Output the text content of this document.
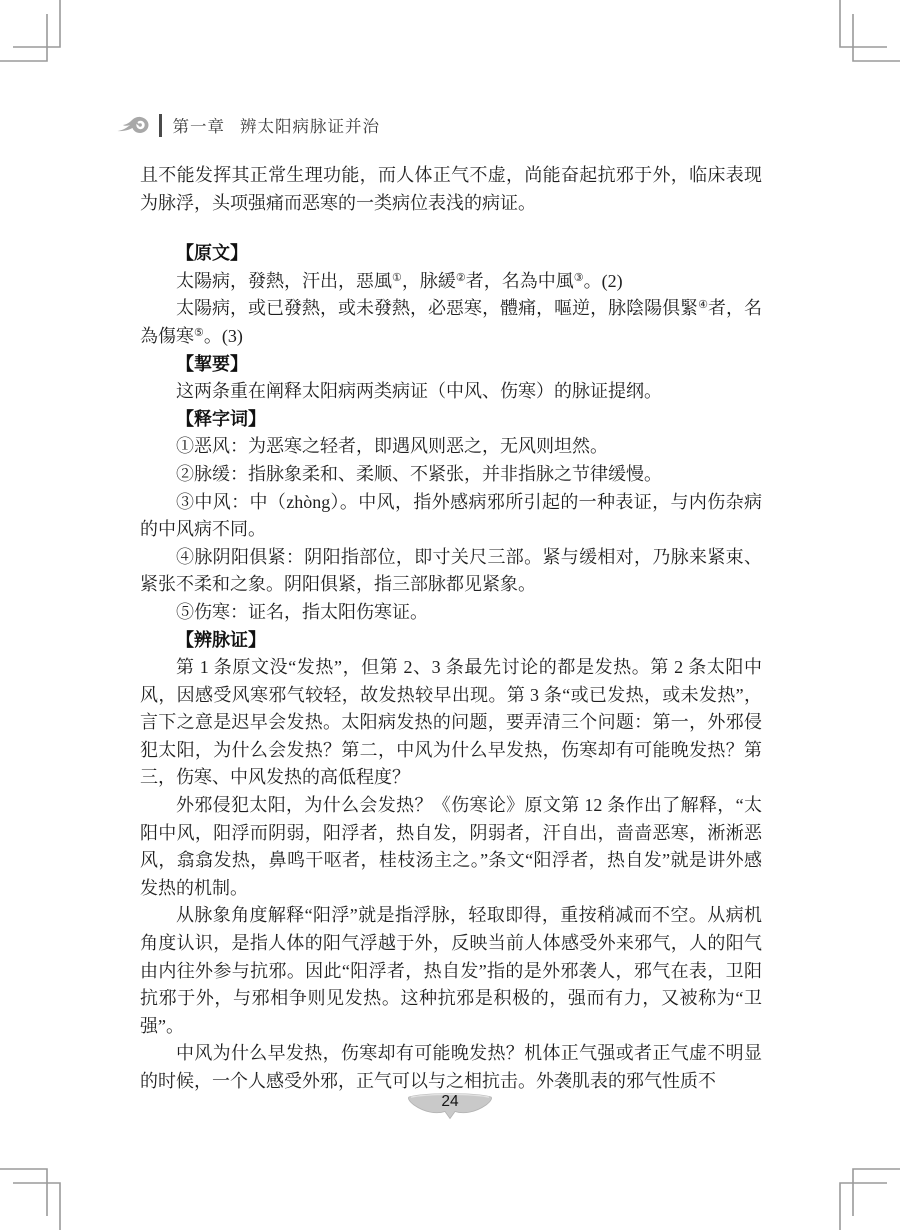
第一章 辨太阳病脉证并治

且不能发挥其正常生理功能，而人体正气不虚，尚能奋起抗邪于外，临床表现为脉浮，头项强痛而恶寒的一类病位表浅的病证。

【原文】

太陽病，發熱，汗出，惡風①，脉緩②者，名為中風③。(2)

太陽病，或已發熱，或未發熱，必惡寒，體痛，嘔逆，脉陰陽俱緊④者，名為傷寒⑤。(3)

【挈要】

这两条重在阐释太阳病两类病证（中风、伤寒）的脉证提纲。

【释字词】

①恶风：为恶寒之轻者，即遇风则恶之，无风则坦然。

②脉缓：指脉象柔和、柔顺、不紧张，并非指脉之节律缓慢。

③中风：中（zhòng）。中风，指外感病邪所引起的一种表证，与内伤杂病的中风病不同。

④脉阴阳俱紧：阴阳指部位，即寸关尺三部。紧与缓相对，乃脉来紧束、紧张不柔和之象。阴阳俱紧，指三部脉都见紧象。

⑤伤寒：证名，指太阳伤寒证。

【辨脉证】

第 1 条原文没“发热”，但第 2、3 条最先讨论的都是发热。第 2 条太阳中风，因感受风寒邪气较轻，故发热较早出现。第 3 条“或已发热，或未发热”，言下之意是迟早会发热。太阳病发热的问题，要弄清三个问题：第一，外邪侵犯太阳，为什么会发热？第二，中风为什么早发热，伤寒却有可能晚发热？第三，伤寒、中风发热的高低程度？

外邪侵犯太阳，为什么会发热？《伤寒论》原文第 12 条作出了解释，“太阳中风，阳浮而阴弱，阳浮者，热自发，阴弱者，汗自出，啬啬恶寒，淅淅恶风，翕翕发热，鼻鸣干呕者，桂枝汤主之。”条文“阳浮者，热自发”就是讲外感发热的机制。

从脉象角度解释“阳浮”就是指浮脉，轻取即得，重按稍减而不空。从病机角度认识，是指人体的阳气浮越于外，反映当前人体感受外来邪气，人的阳气由内往外参与抗邪。因此“阳浮者，热自发”指的是外邪袭人，邪气在表，卫阳抗邪于外，与邪相争则见发热。这种抗邪是积极的，强而有力，又被称为“卫强”。

中风为什么早发热，伤寒却有可能晚发热？机体正气强或者正气虚不明显的时候，一个人感受外邪，正气可以与之相抗击。外袭肌表的邪气性质不

24
